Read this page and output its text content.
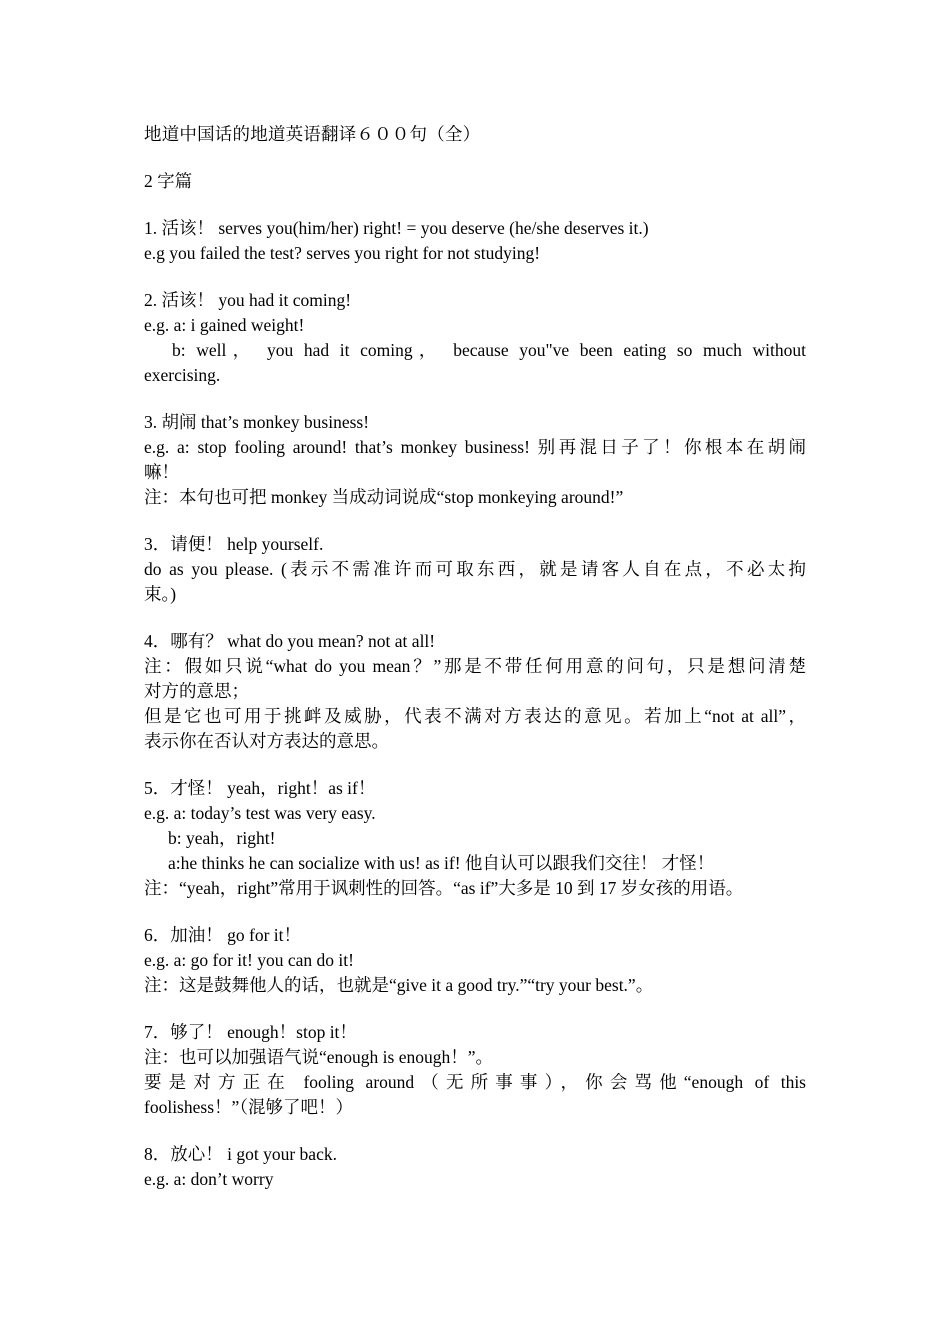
地道中国话的地道英语翻译６００句（全）
2 字篇
1. 活该！ serves you(him/her) right! = you deserve (he/she deserves it.)
e.g you failed the test? serves you right for not studying!
2. 活该！ you had it coming!
e.g. a: i gained weight!
b: well， you had it coming， because you"ve been eating so much without
exercising.
3. 胡闹 that’s monkey business!
e.g. a: stop fooling around! that’s monkey business! 别再混日子了！你根本在胡闹
嘛！
注：本句也可把 monkey 当成动词说成“stop monkeying around!”
3．请便！ help yourself.
do as you please. (表示不需准许而可取东西，就是请客人自在点，不必太拘
束。)
4．哪有？ what do you mean? not at all!
注：假如只说“what do you mean？”那是不带任何用意的问句，只是想问清楚
对方的意思；
但是它也可用于挑衅及威胁，代表不满对方表达的意见。若加上“not at all”，
表示你在否认对方表达的意思。
5．才怪！ yeah，right！as if！
e.g. a: today’s test was very easy.
b: yeah，right!
a:he thinks he can socialize with us! as if! 他自认可以跟我们交往！ 才怪！
注：“yeah，right”常用于讽刺性的回答。“as if”大多是 10 到 17 岁女孩的用语。
6．加油！ go for it！
e.g. a: go for it! you can do it!
注：这是鼓舞他人的话，也就是“give it a good try.”“try your best.”。
7．够了！ enough！stop it！
注：也可以加强语气说“enough is enough！”。
要是对方正在 fooling around（无所事事），你会骂他“enough of this
foolishess！”（混够了吧！）
8．放心！ i got your back.
e.g. a: don’t worry
